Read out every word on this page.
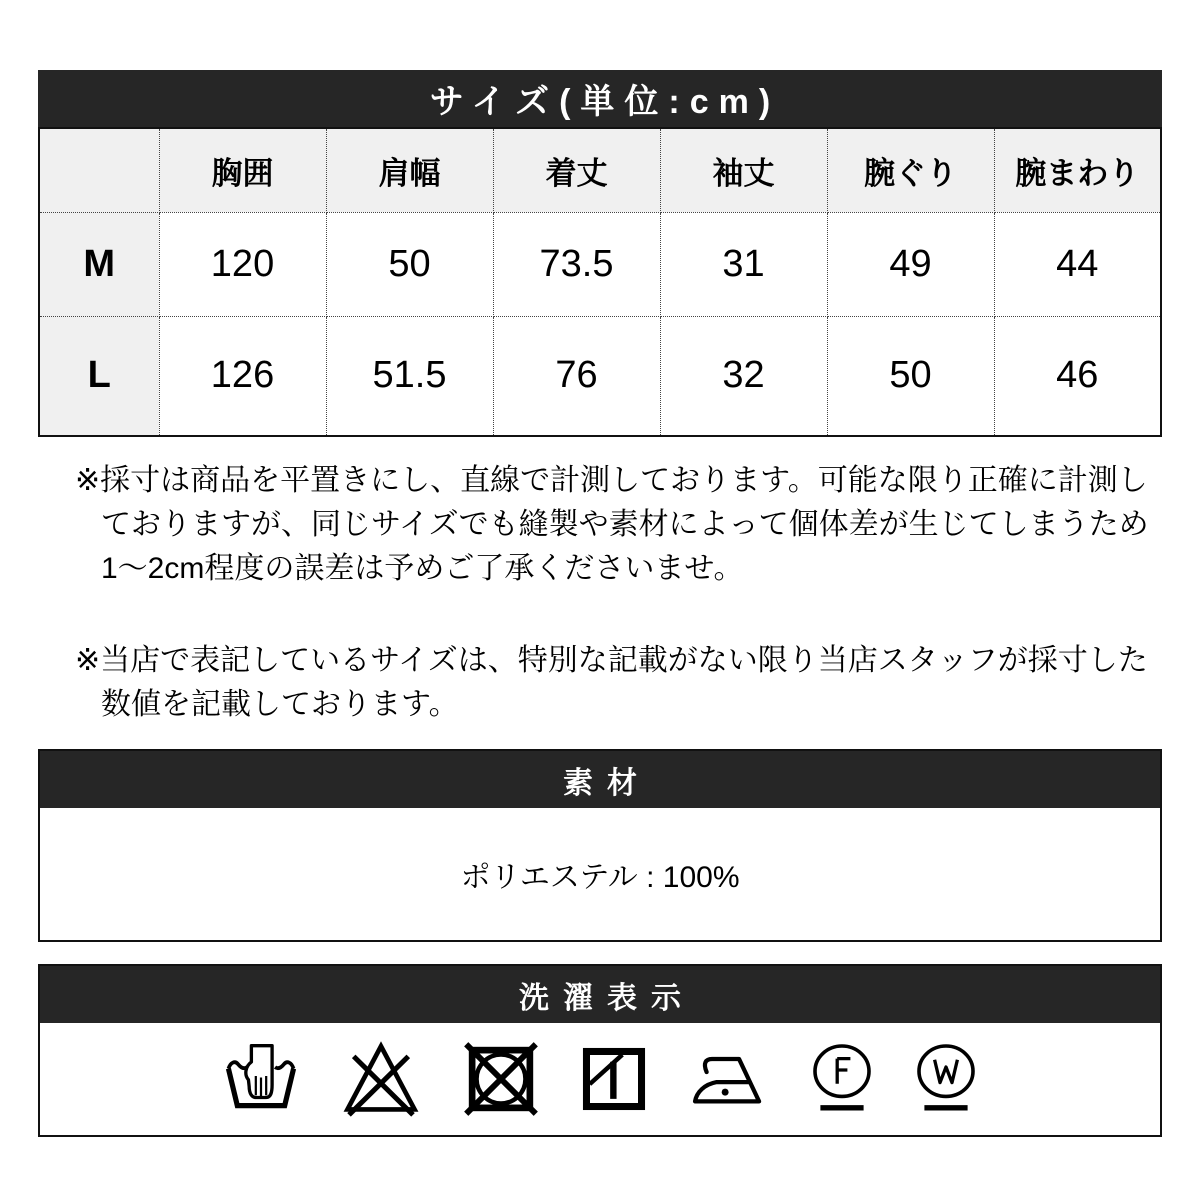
サイズ(単位:cm)
	胸囲	肩幅	着丈	袖丈	腕ぐり	腕まわり
M	120	50	73.5	31	49	44
L	126	51.5	76	32	50	46
※採寸は商品を平置きにし、直線で計測しております。可能な限り正確に計測し
ておりますが、同じサイズでも縫製や素材によって個体差が生じてしまうため
1〜2cm程度の誤差は予めご了承くださいませ。
※当店で表記しているサイズは、特別な記載がない限り当店スタッフが採寸した
数値を記載しております。
素材
ポリエステル : 100%
洗濯表示
